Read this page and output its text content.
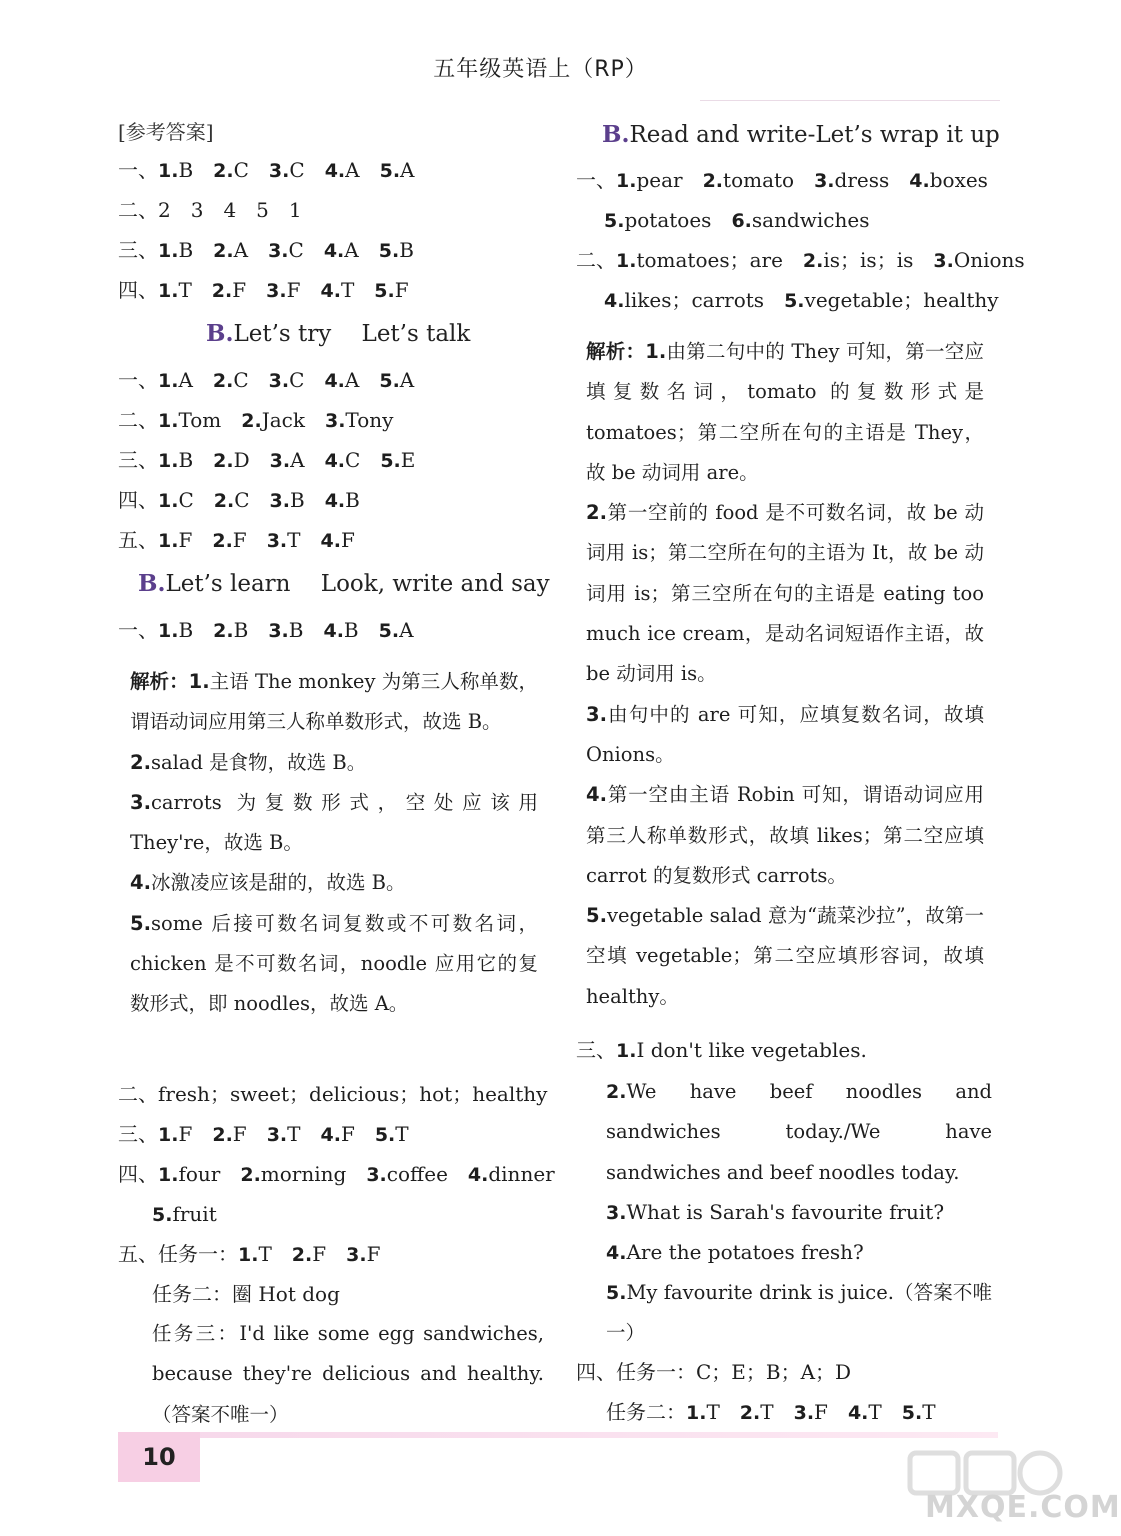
五年级英语上（RP）
[参考答案]
一、1.B 2.C 3.C 4.A 5.A
二、2　3　4　5　1
三、1.B 2.A 3.C 4.A 5.B
四、1.T 2.F 3.F 4.T 5.F
B.Let’s try　 Let’s talk
一、1.A 2.C 3.C 4.A 5.A
二、1.Tom 2.Jack 3.Tony
三、1.B 2.D 3.A 4.C 5.E
四、1.C 2.C 3.B 4.B
五、1.F 2.F 3.T 4.F
B.Let’s learn　 Look, write and say
一、1.B 2.B 3.B 4.B 5.A
解析：1.主语 The monkey 为第三人称单数，谓语动词应用第三人称单数形式，故选 B。
2.salad 是食物，故选 B。
3.carrots 为复数形式，空处应该用 They're，故选 B。
4.冰激凌应该是甜的，故选 B。
5.some 后接可数名词复数或不可数名词，chicken 是不可数名词，noodle 应用它的复数形式，即 noodles，故选 A。
二、fresh；sweet；delicious；hot；healthy
三、1.F 2.F 3.T 4.F 5.T
四、1.four 2.morning 3.coffee 4.dinner
5.fruit
五、任务一：1.T 2.F 3.F
任务二：圈 Hot dog
任务三：I'd like some egg sandwiches, because they're delicious and healthy.（答案不唯一）
B.Read and write-Let’s wrap it up
一、1.pear 2.tomato 3.dress 4.boxes
5.potatoes 6.sandwiches
二、1.tomatoes；are 2.is；is；is 3.Onions
4.likes；carrots 5.vegetable；healthy
解析：1.由第二句中的 They 可知，第一空应填复数名词，tomato 的复数形式是 tomatoes；第二空所在句的主语是 They，故 be 动词用 are。
2.第一空前的 food 是不可数名词，故 be 动词用 is；第二空所在句的主语为 It，故 be 动词用 is；第三空所在句的主语是 eating too much ice cream，是动名词短语作主语，故 be 动词用 is。
3.由句中的 are 可知，应填复数名词，故填 Onions。
4.第一空由主语 Robin 可知，谓语动词应用第三人称单数形式，故填 likes；第二空应填 carrot 的复数形式 carrots。
5.vegetable salad 意为“蔬菜沙拉”，故第一空填 vegetable；第二空应填形容词，故填 healthy。
三、1.I don't like vegetables.
2.We have beef noodles and sandwiches today./We have sandwiches and beef noodles today.
3.What is Sarah's favourite fruit?
4.Are the potatoes fresh?
5.My favourite drink is juice.（答案不唯一）
四、任务一：C；E；B；A；D
任务二：1.T 2.T 3.F 4.T 5.T
10
MXQE.COM
